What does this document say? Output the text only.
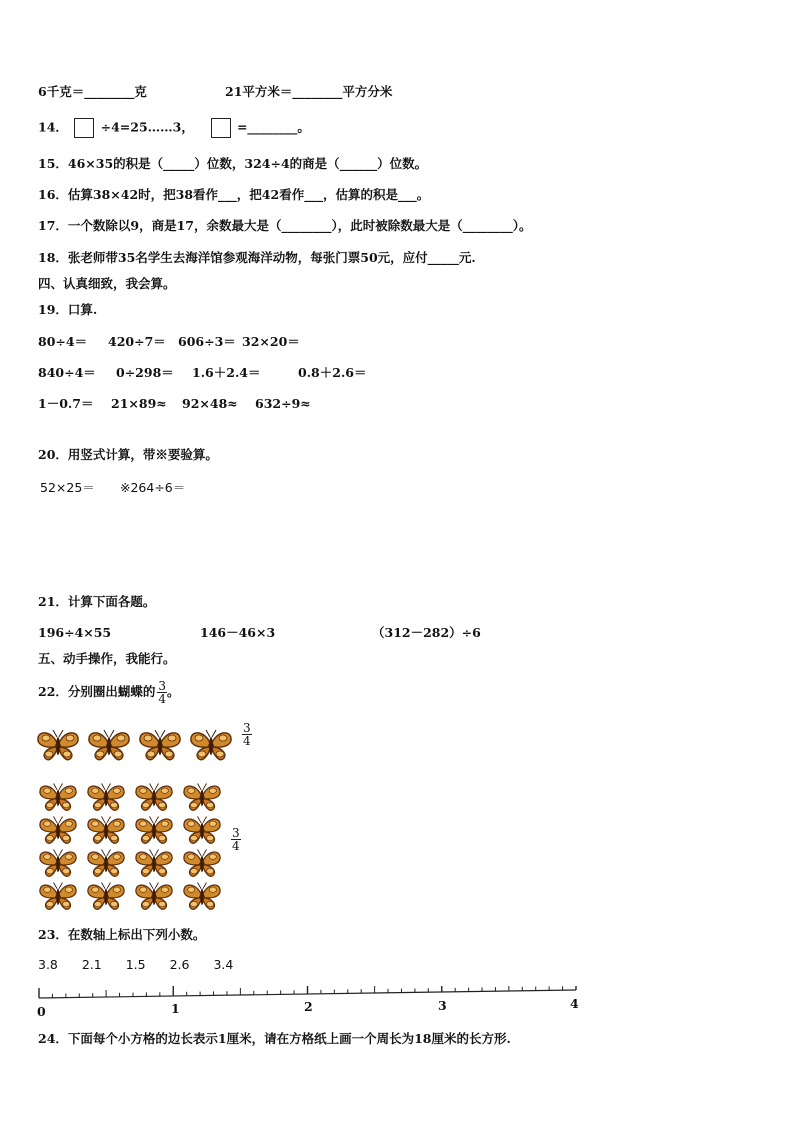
6千克＝________克	21平方米＝________平方分米
14．	÷4=25……3，	=________。
15．46×35的积是（_____）位数，324÷4的商是（______）位数。
16．估算38×42时，把38看作___，把42看作___，估算的积是___。
17．一个数除以9，商是17，余数最大是（________），此时被除数最大是（________）。
18．张老师带35名学生去海洋馆参观海洋动物，每张门票50元，应付_____元.
四、认真细致，我会算。
19．口算.
80÷4＝ 420÷7＝ 606÷3＝ 32×20＝
840÷4＝ 0÷298＝ 1.6＋2.4＝	0.8＋2.6＝
1－0.7＝ 21×89≈ 92×48≈ 632÷9≈
20．用竖式计算，带※要验算。
52×25＝ ※264÷6＝
21．计算下面各题。
196÷4×55	146－46×3	（312－282）÷6
五、动手操作，我能行。
22．分别圈出蝴蝶的 $\frac{3}{4}$ 。
$\frac{3}{4}$
$\frac{3}{4}$
23．在数轴上标出下列小数。
3.8 2.1 1.5 2.6 3.4
0	1	2	3	4
24．下面每个小方格的边长表示1厘米，请在方格纸上画一个周长为18厘米的长方形.
